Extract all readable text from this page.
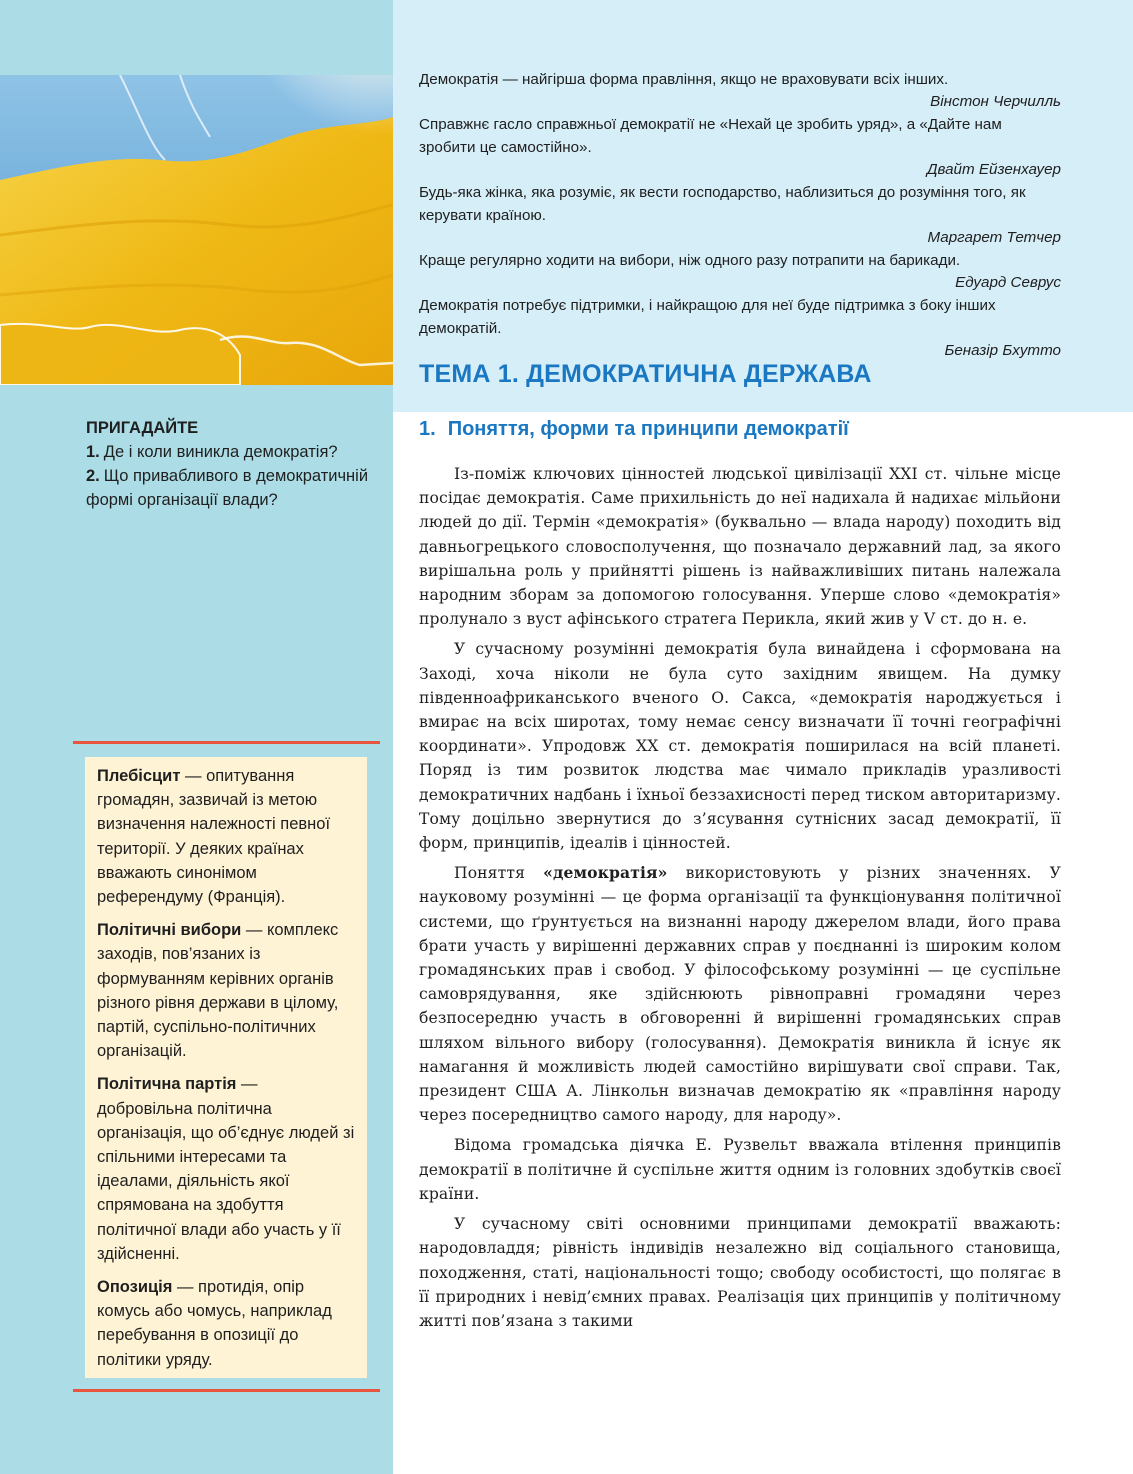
Демократія — найгірша форма правління, якщо не враховувати всіх інших.
Вінстон Черчилль
Справжнє гасло справжньої демократії не «Нехай це зробить уряд», а «Дайте нам зробити це самостійно».
Двайт Ейзенхауер
Будь-яка жінка, яка розуміє, як вести господарство, наблизиться до розуміння того, як керувати країною.
Маргарет Тетчер
Краще регулярно ходити на вибори, ніж одного разу потрапити на барикади.
Едуард Севрус
Демократія потребує підтримки, і найкращою для неї буде підтримка з боку інших демократій.
Беназір Бхутто
ТЕМА 1. ДЕМОКРАТИЧНА ДЕРЖАВА
1. Поняття, форми та принципи демократії
ПРИГАДАЙТЕ
1. Де і коли виникла демократія?
2. Що привабливого в демократичній формі організації влади?

Плебісцит — опитування громадян, зазвичай із метою визначення належності певної території. У деяких країнах вважають синонімом референдуму (Франція).

Політичні вибори — комплекс заходів, пов’язаних із формуванням керівних органів різного рівня держави в цілому, партій, суспільно-політичних організацій.

Політична партія — добровільна політична організація, що об’єднує людей зі спільними інтересами та ідеалами, діяльність якої спрямована на здобуття політичної влади або участь у її здійсненні.

Опозиція — протидія, опір комусь або чомусь, наприклад перебування в опозиції до політики уряду.

Із-поміж ключових цінностей людської цивілізації XXI ст. чільне місце посідає демократія. Саме прихильність до неї надихала й надихає мільйони людей до дії. Термін «демократія» (буквально — влада народу) походить від давньогрецького словосполучення, що позначало державний лад, за якого вирішальна роль у прийнятті рішень із найважливіших питань належала народним зборам за допомогою голосування. Уперше слово «демократія» пролунало з вуст афінського стратега Перикла, який жив у V ст. до н. е.

У сучасному розумінні демократія була винайдена і сформована на Заході, хоча ніколи не була суто західним явищем. На думку південноафриканського вченого О. Сакса, «демократія народжується і вмирає на всіх широтах, тому немає сенсу визначати її точні географічні координати». Упродовж XX ст. демократія поширилася на всій планеті. Поряд із тим розвиток людства має чимало прикладів уразливості демократичних надбань і їхньої беззахисності перед тиском авторитаризму. Тому доцільно звернутися до з’ясування сутнісних засад демократії, її форм, принципів, ідеалів і цінностей.

Поняття «демократія» використовують у різних значеннях. У науковому розумінні — це форма організації та функціонування політичної системи, що ґрунтується на визнанні народу джерелом влади, його права брати участь у вирішенні державних справ у поєднанні із широким колом громадянських прав і свобод. У філософському розумінні — це суспільне самоврядування, яке здійснюють рівноправні громадяни через безпосередню участь в обговоренні й вирішенні громадянських справ шляхом вільного вибору (голосування). Демократія виникла й існує як намагання й можливість людей самостійно вирішувати свої справи. Так, президент США А. Лінкольн визначав демократію як «правління народу через посередництво самого народу, для народу».

Відома громадська діячка Е. Рузвельт вважала втілення принципів демократії в політичне й суспільне життя одним із головних здобутків своєї країни.

У сучасному світі основними принципами демократії вважають: народовладдя; рівність індивідів незалежно від соціального становища, походження, статі, національності тощо; свободу особистості, що полягає в її природних і невід’ємних правах. Реалізація цих принципів у політичному житті пов’язана з такими
